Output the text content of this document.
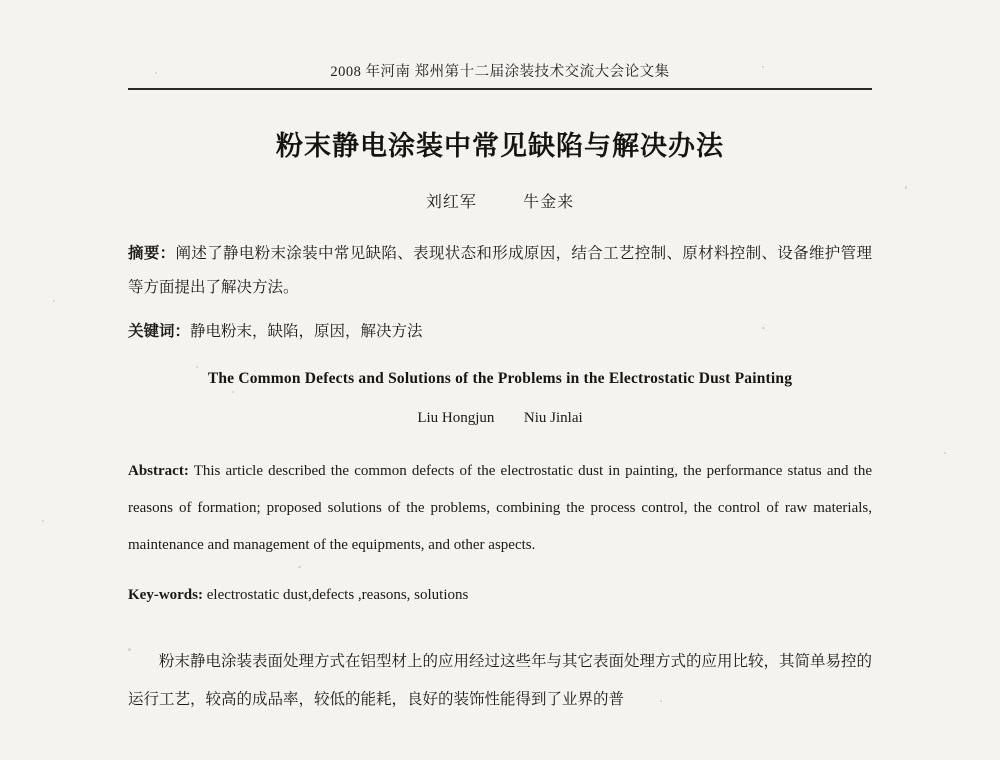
2008 年河南 郑州第十二届涂装技术交流大会论文集
粉末静电涂装中常见缺陷与解决办法
刘红军	牛金来

摘要：阐述了静电粉末涂装中常见缺陷、表现状态和形成原因，结合工艺控制、原材料控制、设备维护管理等方面提出了解决方法。

关键词：静电粉末，缺陷，原因，解决方法

The Common Defects and Solutions of the Problems in the Electrostatic Dust Painting
Liu Hongjun Niu Jinlai

Abstract: This article described the common defects of the electrostatic dust in painting, the performance status and the reasons of formation; proposed solutions of the problems, combining the process control, the control of raw materials, maintenance and management of the equipments, and other aspects.

Key-words: electrostatic dust,defects ,reasons, solutions

粉末静电涂装表面处理方式在铝型材上的应用经过这些年与其它表面处理方式的应用比较，其简单易控的运行工艺，较高的成品率，较低的能耗，良好的装饰性能得到了业界的普
